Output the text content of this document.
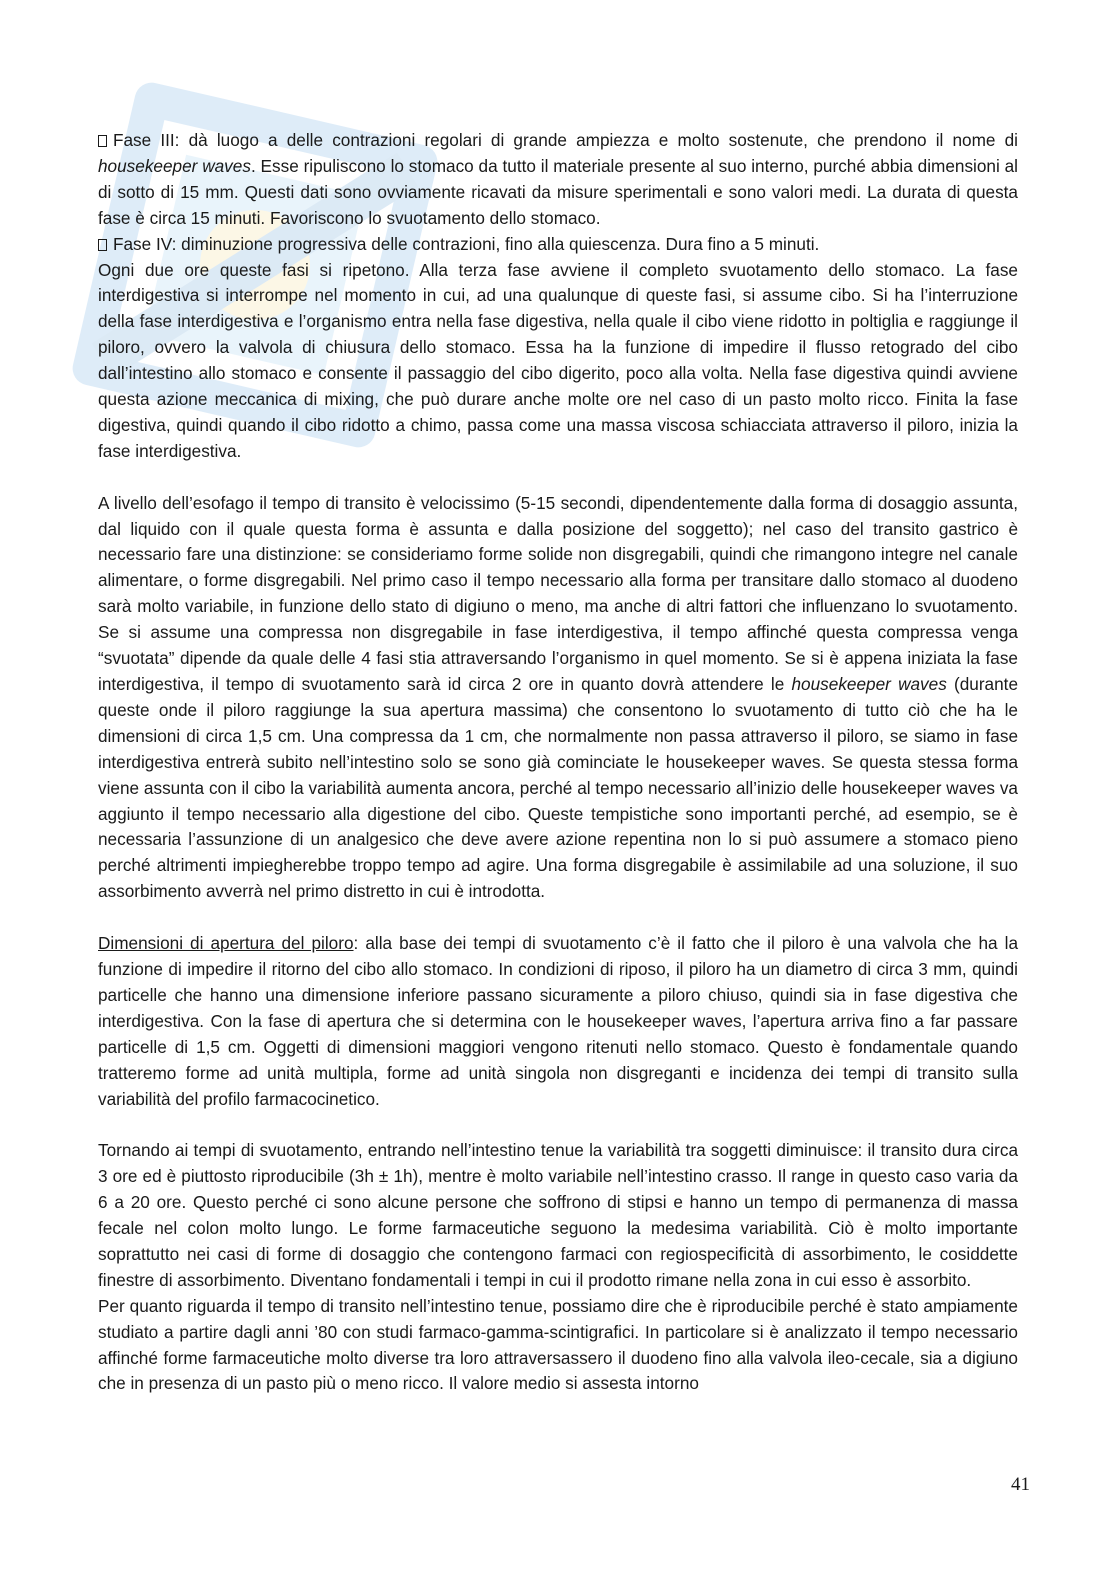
Fase III: dà luogo a delle contrazioni regolari di grande ampiezza e molto sostenute, che prendono il nome di housekeeper waves. Esse ripuliscono lo stomaco da tutto il materiale presente al suo interno, purché abbia dimensioni al di sotto di 15 mm. Questi dati sono ovviamente ricavati da misure sperimentali e sono valori medi. La durata di questa fase è circa 15 minuti. Favoriscono lo svuotamento dello stomaco.

Fase IV: diminuzione progressiva delle contrazioni, fino alla quiescenza. Dura fino a 5 minuti.

Ogni due ore queste fasi si ripetono. Alla terza fase avviene il completo svuotamento dello stomaco. La fase interdigestiva si interrompe nel momento in cui, ad una qualunque di queste fasi, si assume cibo. Si ha l’interruzione della fase interdigestiva e l’organismo entra nella fase digestiva, nella quale il cibo viene ridotto in poltiglia e raggiunge il piloro, ovvero la valvola di chiusura dello stomaco. Essa ha la funzione di impedire il flusso retogrado del cibo dall’intestino allo stomaco e consente il passaggio del cibo digerito, poco alla volta. Nella fase digestiva quindi avviene questa azione meccanica di mixing, che può durare anche molte ore nel caso di un pasto molto ricco. Finita la fase digestiva, quindi quando il cibo ridotto a chimo, passa come una massa viscosa schiacciata attraverso il piloro, inizia la fase interdigestiva.

A livello dell’esofago il tempo di transito è velocissimo (5-15 secondi, dipendentemente dalla forma di dosaggio assunta, dal liquido con il quale questa forma è assunta e dalla posizione del soggetto); nel caso del transito gastrico è necessario fare una distinzione: se consideriamo forme solide non disgregabili, quindi che rimangono integre nel canale alimentare, o forme disgregabili. Nel primo caso il tempo necessario alla forma per transitare dallo stomaco al duodeno sarà molto variabile, in funzione dello stato di digiuno o meno, ma anche di altri fattori che influenzano lo svuotamento. Se si assume una compressa non disgregabile in fase interdigestiva, il tempo affinché questa compressa venga “svuotata” dipende da quale delle 4 fasi stia attraversando l’organismo in quel momento. Se si è appena iniziata la fase interdigestiva, il tempo di svuotamento sarà id circa 2 ore in quanto dovrà attendere le housekeeper waves (durante queste onde il piloro raggiunge la sua apertura massima) che consentono lo svuotamento di tutto ciò che ha le dimensioni di circa 1,5 cm. Una compressa da 1 cm, che normalmente non passa attraverso il piloro, se siamo in fase interdigestiva entrerà subito nell’intestino solo se sono già cominciate le housekeeper waves. Se questa stessa forma viene assunta con il cibo la variabilità aumenta ancora, perché al tempo necessario all’inizio delle housekeeper waves va aggiunto il tempo necessario alla digestione del cibo. Queste tempistiche sono importanti perché, ad esempio, se è necessaria l’assunzione di un analgesico che deve avere azione repentina non lo si può assumere a stomaco pieno perché altrimenti impiegherebbe troppo tempo ad agire. Una forma disgregabile è assimilabile ad una soluzione, il suo assorbimento avverrà nel primo distretto in cui è introdotta.

Dimensioni di apertura del piloro: alla base dei tempi di svuotamento c’è il fatto che il piloro è una valvola che ha la funzione di impedire il ritorno del cibo allo stomaco. In condizioni di riposo, il piloro ha un diametro di circa 3 mm, quindi particelle che hanno una dimensione inferiore passano sicuramente a piloro chiuso, quindi sia in fase digestiva che interdigestiva. Con la fase di apertura che si determina con le housekeeper waves, l’apertura arriva fino a far passare particelle di 1,5 cm. Oggetti di dimensioni maggiori vengono ritenuti nello stomaco. Questo è fondamentale quando tratteremo forme ad unità multipla, forme ad unità singola non disgreganti e incidenza dei tempi di transito sulla variabilità del profilo farmacocinetico.

Tornando ai tempi di svuotamento, entrando nell’intestino tenue la variabilità tra soggetti diminuisce: il transito dura circa 3 ore ed è piuttosto riproducibile (3h ± 1h), mentre è molto variabile nell’intestino crasso. Il range in questo caso varia da 6 a 20 ore. Questo perché ci sono alcune persone che soffrono di stipsi e hanno un tempo di permanenza di massa fecale nel colon molto lungo. Le forme farmaceutiche seguono la medesima variabilità. Ciò è molto importante soprattutto nei casi di forme di dosaggio che contengono farmaci con regiospecificità di assorbimento, le cosiddette finestre di assorbimento. Diventano fondamentali i tempi in cui il prodotto rimane nella zona in cui esso è assorbito.

Per quanto riguarda il tempo di transito nell’intestino tenue, possiamo dire che è riproducibile perché è stato ampiamente studiato a partire dagli anni ’80 con studi farmaco-gamma-scintigrafici. In particolare si è analizzato il tempo necessario affinché forme farmaceutiche molto diverse tra loro attraversassero il duodeno fino alla valvola ileo-cecale, sia a digiuno che in presenza di un pasto più o meno ricco. Il valore medio si assesta intorno

41
